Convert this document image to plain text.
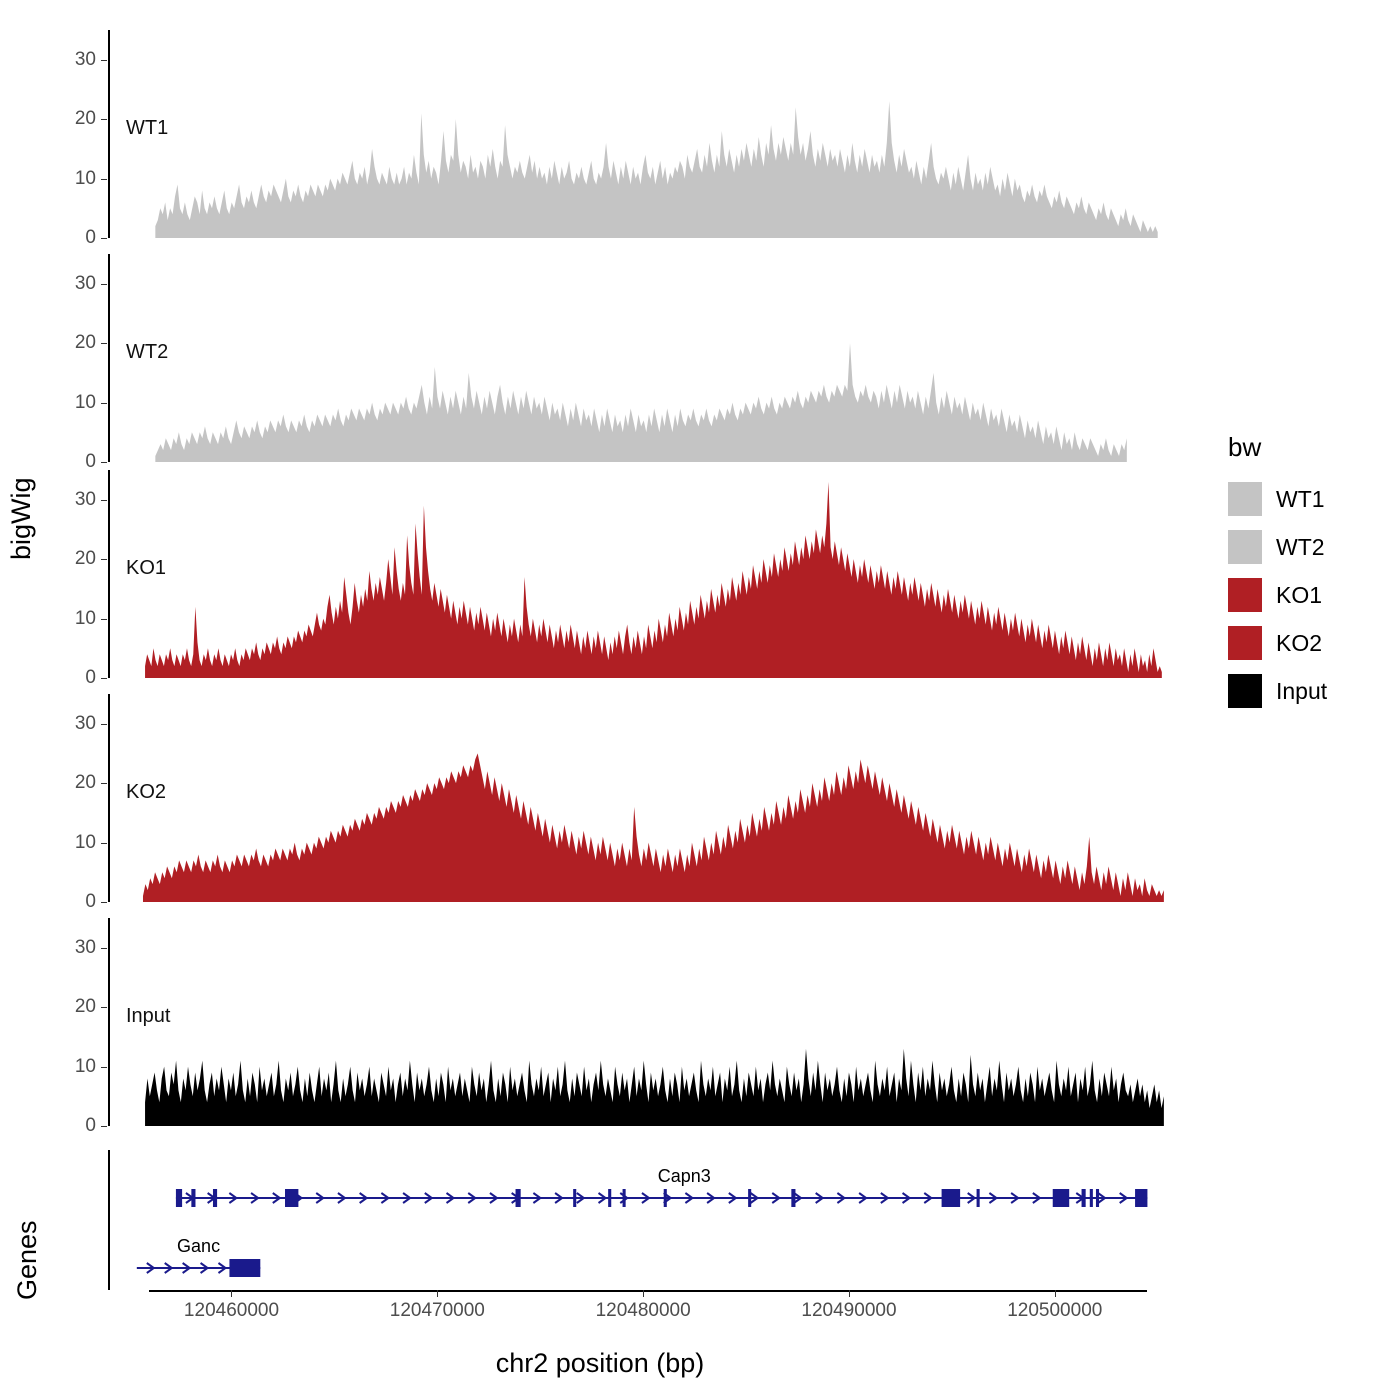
bigWig
Genes
chr2 position (bp)
0
10
20
30
WT1
0
10
20
30
WT2
0
10
20
30
KO1
0
10
20
30
KO2
0
10
20
30
Input
Capn3
Ganc
120460000	120470000	120480000	120490000	120500000
bw
WT1
WT2
KO1
KO2
Input
